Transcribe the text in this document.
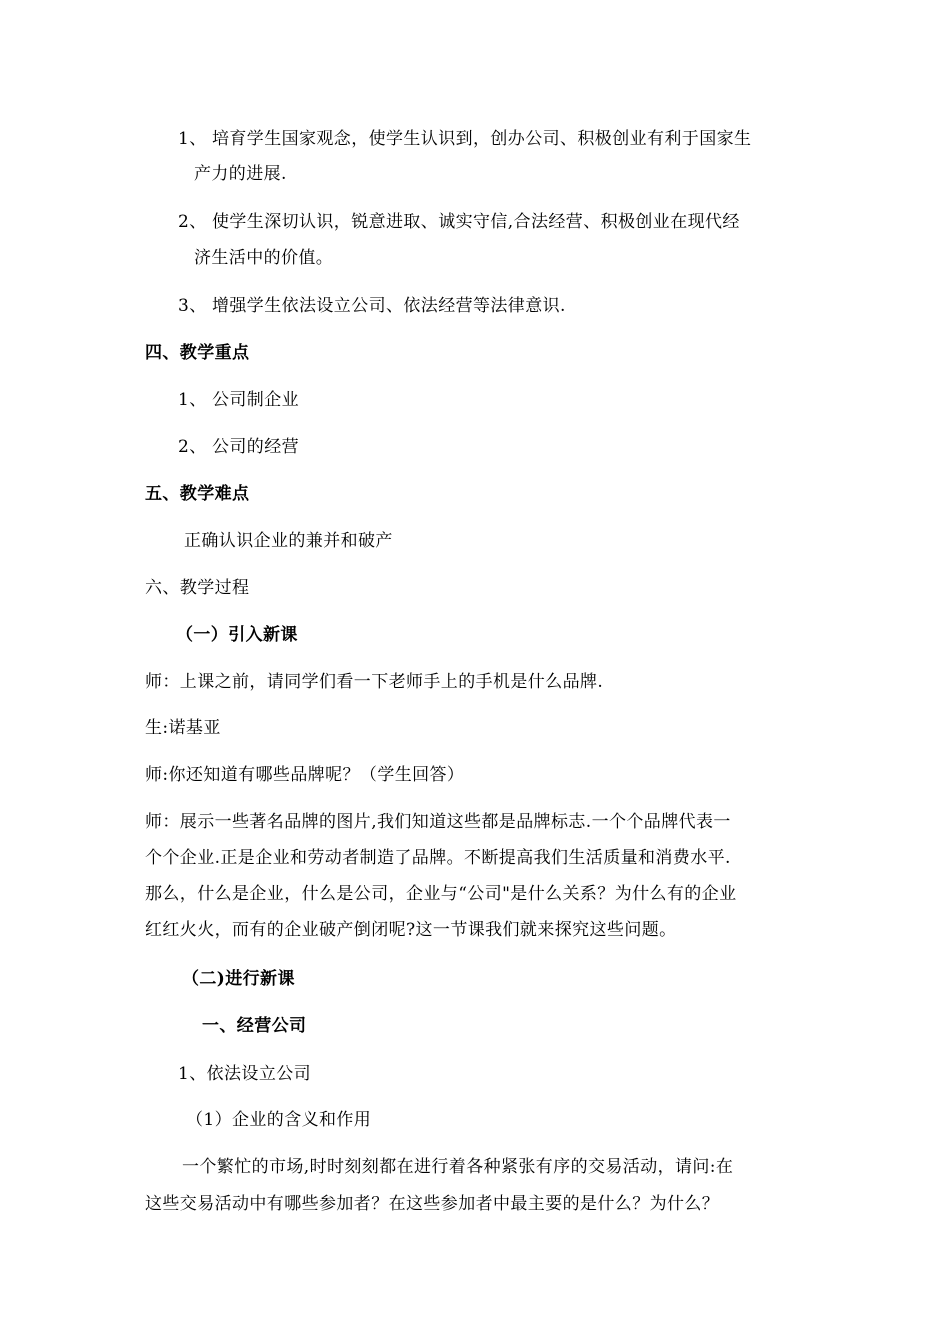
1、 培育学生国家观念，使学生认识到，创办公司、积极创业有利于国家生
产力的进展.
2、 使学生深切认识，锐意进取、诚实守信,合法经营、积极创业在现代经
济生活中的价值。
3、 增强学生依法设立公司、依法经营等法律意识.
四、教学重点
1、 公司制企业
2、 公司的经营
五、教学难点
正确认识企业的兼并和破产
六、教学过程
（一）引入新课
师：上课之前，请同学们看一下老师手上的手机是什么品牌.
生:诺基亚
师:你还知道有哪些品牌呢？（学生回答）
师：展示一些著名品牌的图片,我们知道这些都是品牌标志.一个个品牌代表一
个个企业.正是企业和劳动者制造了品牌。不断提高我们生活质量和消费水平.
那么，什么是企业，什么是公司，企业与“公司"是什么关系？为什么有的企业
红红火火，而有的企业破产倒闭呢?这一节课我们就来探究这些问题。
（二)进行新课
一、经营公司
1、依法设立公司
（1） 企业的含义和作用
一个繁忙的市场,时时刻刻都在进行着各种紧张有序的交易活动，请问:在
这些交易活动中有哪些参加者？在这些参加者中最主要的是什么？为什么？
